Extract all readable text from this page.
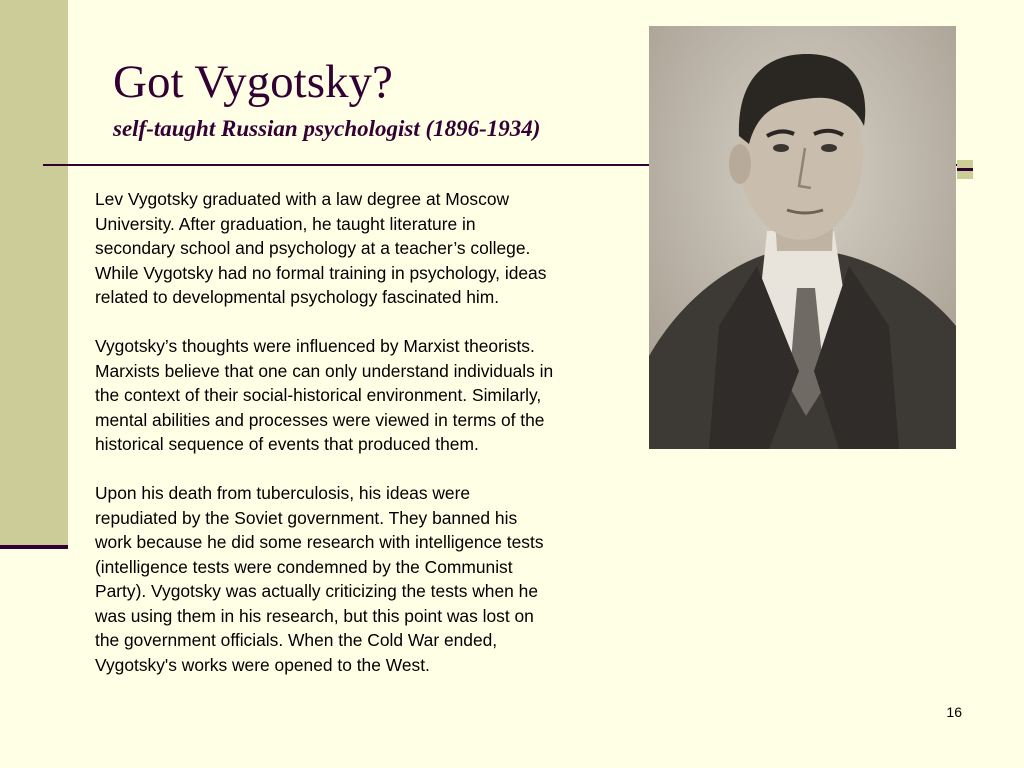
Got Vygotsky?
self-taught Russian psychologist (1896-1934)

Lev Vygotsky graduated with a law degree at Moscow
University. After graduation, he taught literature in
secondary school and psychology at a teacher’s college.
While Vygotsky had no formal training in psychology, ideas
related to developmental psychology fascinated him.

Vygotsky’s thoughts were influenced by Marxist theorists.
Marxists believe that one can only understand individuals in
the context of their social-historical environment. Similarly,
mental abilities and processes were viewed in terms of the
historical sequence of events that produced them.

Upon his death from tuberculosis, his ideas were
repudiated by the Soviet government. They banned his
work because he did some research with intelligence tests
(intelligence tests were condemned by the Communist
Party). Vygotsky was actually criticizing the tests when he
was using them in his research, but this point was lost on
the government officials. When the Cold War ended,
Vygotsky's works were opened to the West.

16
